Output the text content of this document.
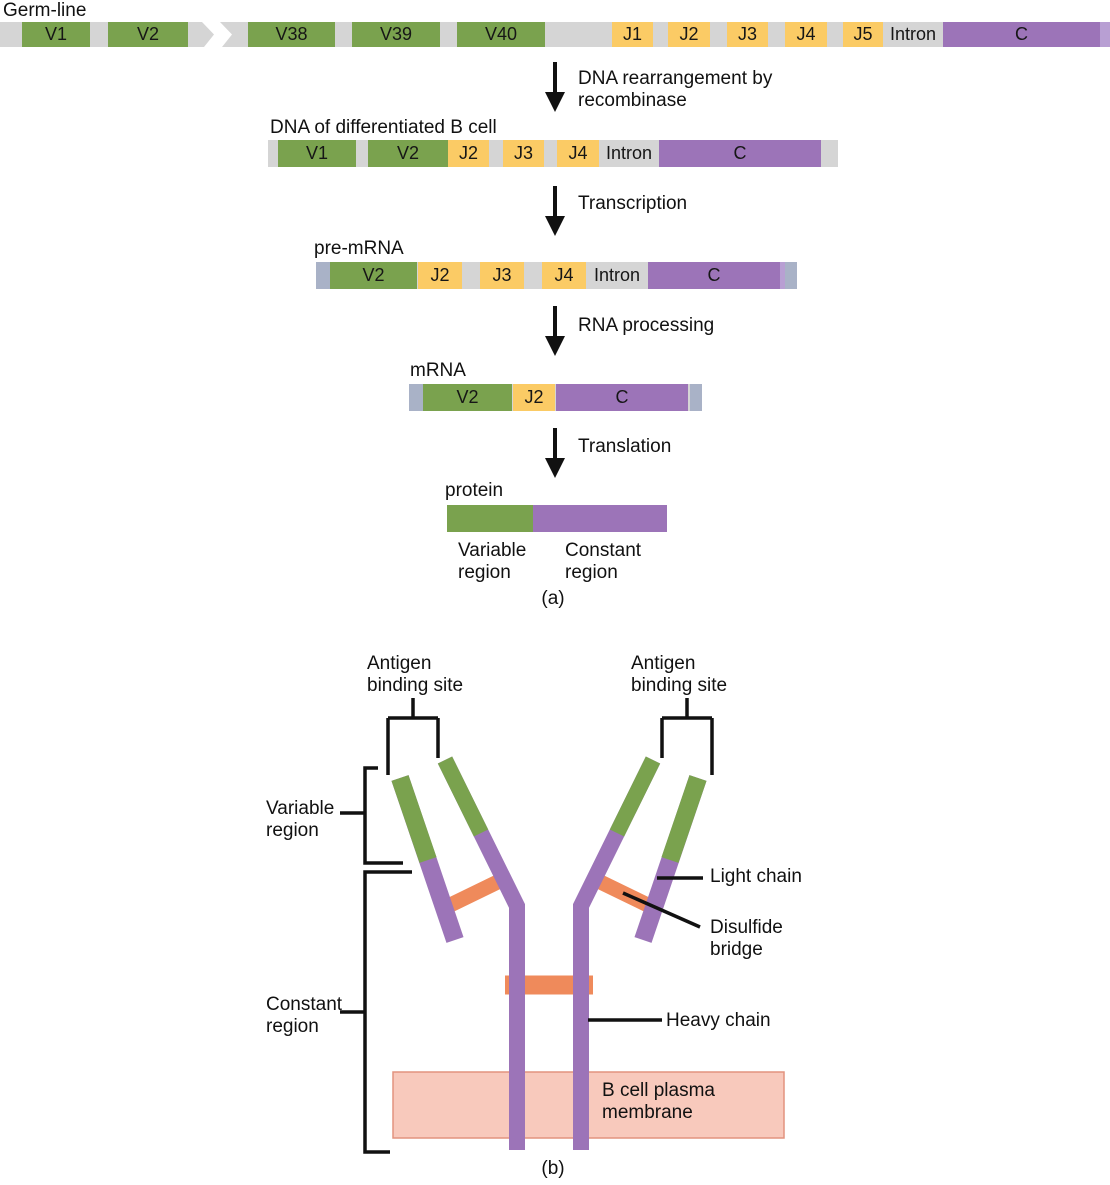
Germ-line
V1	V2	V38	V39	V40	J1	J2	J3	J4	J5 Intron	C
DNA rearrangement by recombinase
DNA of differentiated B cell
V1	V2	J2	J3	J4	Intron	C
Transcription
pre-mRNA
V2	J2	J3	J4	Intron	C
RNA processing
mRNA
V2	J2	C
Translation
protein
Variable region
Constant region
(a)
Antigen binding site
Antigen binding site
Variable region
Constant region
Light chain
Disulfide bridge
Heavy chain
B cell plasma membrane
(b)
